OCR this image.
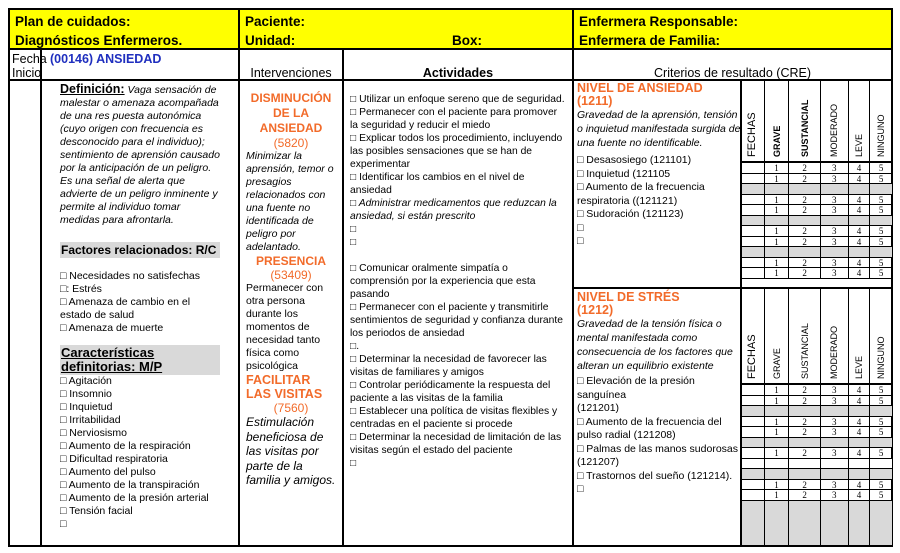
Plan de cuidados:
Diagnósticos Enfermeros.
Paciente:
Unidad:	Box:
Enfermera Responsable:
Enfermera de Familia:
Fecha Inicio
(00146) ANSIEDAD
Intervenciones	Actividades	Criterios de resultado (CRE)
Definición: Vaga sensación de malestar o amenaza acompañada de una res puesta autonómica (cuyo origen con frecuencia es desconocido para el individuo); sentimiento de aprensión causado por la anticipación de un peligro. Es una señal de alerta que advierte de un peligro inminente y permite al individuo tomar medidas para afrontarla.
Factores relacionados: R/C
□ Necesidades no satisfechas
□: Estrés
□ Amenaza de cambio en el estado de salud
□ Amenaza de muerte
Características definitorias: M/P
□ Agitación
□ Insomnio
□ Inquietud
□ Irritabilidad
□ Nerviosismo
□ Aumento de la respiración
□ Dificultad respiratoria
□ Aumento del pulso
□ Aumento de la transpiración
□ Aumento de la presión arterial
□ Tensión facial
□
DISMINUCIÓN DE LA ANSIEDAD
(5820)
Minimizar la aprensión, temor o presagios relacionados con una fuente no identificada de peligro por adelantado.
PRESENCIA
(53409)
Permanecer con otra persona durante los momentos de necesidad tanto física como psicológica
FACILITAR LAS VISITAS
(7560)
Estimulación beneficiosa de las visitas por parte de la familia y amigos.
□ Utilizar un enfoque sereno que de seguridad.
□ Permanecer con el paciente para promover la seguridad y reducir el miedo
□ Explicar todos los procedimiento, incluyendo las posibles sensaciones que se han de experimentar
□ Identificar los cambios en el nivel de ansiedad
□ Administrar medicamentos que reduzcan la ansiedad, si están prescrito
□
□
□ Comunicar oralmente simpatía o comprensión por la experiencia que esta pasando
□ Permanecer con el paciente y transmitirle sentimientos de seguridad y confianza durante los periodos de ansiedad
□.
□ Determinar la necesidad de favorecer las visitas de familiares y amigos
□ Controlar periódicamente la respuesta del paciente a las visitas de la familia
□ Establecer una política de visitas flexibles y centradas en el paciente si procede
□ Determinar la necesidad de limitación de las visitas según el estado del paciente
□
NIVEL DE ANSIEDAD
(1211)
Gravedad de la aprensión, tensión o inquietud manifestada surgida de una fuente no identificable.
□ Desasosiego (121101)
□ Inquietud (121105
□ Aumento de la frecuencia respiratoria ((121121)
□ Sudoración (121123)
□
□
NIVEL DE STRÉS
(1212)
Gravedad de la tensión física o mental manifestada como consecuencia de los factores que alteran un equilibrio existente
□ Elevación de la presión sanguínea
(121201)
□ Aumento de la frecuencia del pulso radial (121208)
□ Palmas de las manos sudorosas (121207)
□ Trastornos del sueño (121214).
□
FECHAS GRAVE SUSTANCIAL MODERADO LEVE NINGUNO
1	2	3	4	5
1	2	3	4	5
1	2	3	4	5
1	2	3	4	5
1	2	3	4	5
1	2	3	4	5
1	2	3	4	5
1	2	3	4	5
FECHAS GRAVE SUSTANCIAL MODERADO LEVE NINGUNO
1	2	3	4	5
1	2	3	4	5
1	2	3	4	5
1	2	3	4	5
1	2	3	4	5
1	2	3	4	5
1	2	3	4	5
